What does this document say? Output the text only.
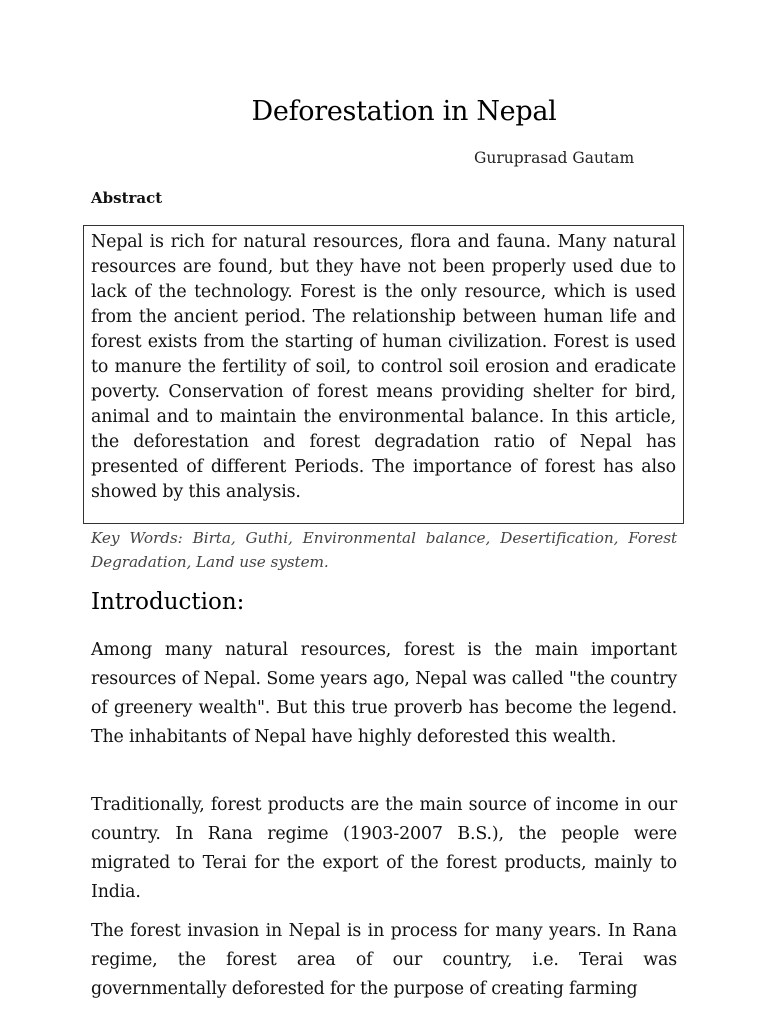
Deforestation in Nepal

Guruprasad Gautam

Abstract

Nepal is rich for natural resources, flora and fauna. Many natural resources are found, but they have not been properly used due to lack of the technology. Forest is the only resource, which is used from the ancient period. The relationship between human life and forest exists from the starting of human civilization. Forest is used to manure the fertility of soil, to control soil erosion and eradicate poverty. Conservation of forest means providing shelter for bird, animal and to maintain the environmental balance. In this article, the deforestation and forest degradation ratio of Nepal has presented of different Periods. The importance of forest has also showed by this analysis.

Key Words: Birta, Guthi, Environmental balance, Desertification, Forest Degradation, Land use system.

Introduction:

Among many natural resources, forest is the main important resources of Nepal. Some years ago, Nepal was called "the country of greenery wealth". But this true proverb has become the legend. The inhabitants of Nepal have highly deforested this wealth.

Traditionally, forest products are the main source of income in our country. In Rana regime (1903-2007 B.S.), the people were migrated to Terai for the export of the forest products, mainly to India.

The forest invasion in Nepal is in process for many years. In Rana regime, the forest area of our country, i.e. Terai was governmentally deforested for the purpose of creating farming
